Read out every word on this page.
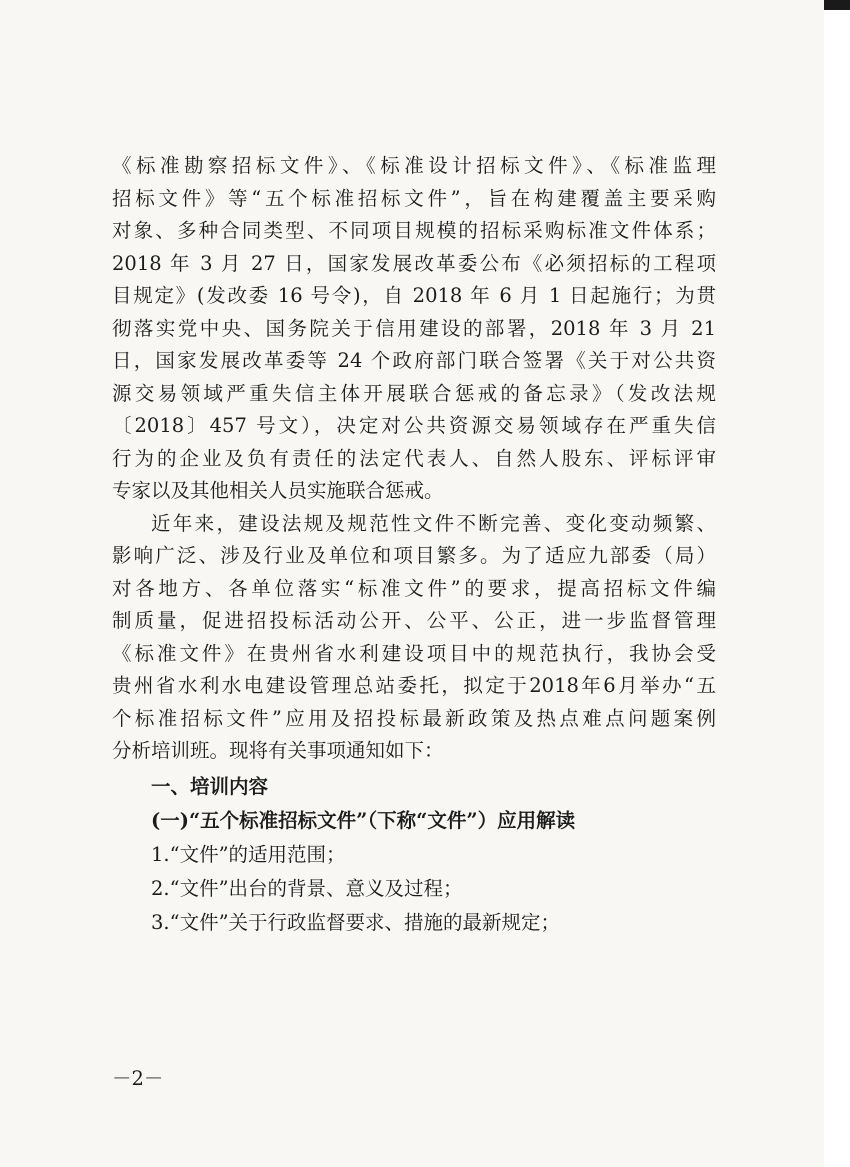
《标准勘察招标文件》、《标准设计招标文件》、《标准监理
招标文件》等“五个标准招标文件”，旨在构建覆盖主要采购
对象、多种合同类型、不同项目规模的招标采购标准文件体系；
2018 年 3 月 27 日，国家发展改革委公布《必须招标的工程项
目规定》(发改委 16 号令)，自 2018 年 6 月 1 日起施行；为贯
彻落实党中央、国务院关于信用建设的部署，2018 年 3 月 21
日，国家发展改革委等 24 个政府部门联合签署《关于对公共资
源交易领域严重失信主体开展联合惩戒的备忘录》（发改法规
〔2018〕457 号文），决定对公共资源交易领域存在严重失信
行为的企业及负有责任的法定代表人、自然人股东、评标评审
专家以及其他相关人员实施联合惩戒。
近年来，建设法规及规范性文件不断完善、变化变动频繁、
影响广泛、涉及行业及单位和项目繁多。为了适应九部委（局）
对各地方、各单位落实“标准文件”的要求，提高招标文件编
制质量，促进招投标活动公开、公平、公正，进一步监督管理
《标准文件》在贵州省水利建设项目中的规范执行，我协会受
贵州省水利水电建设管理总站委托，拟定于2018年6月举办“五
个标准招标文件”应用及招投标最新政策及热点难点问题案例
分析培训班。现将有关事项通知如下：
一、培训内容
(一)“五个标准招标文件”（下称“文件”）应用解读
1.“文件”的适用范围；
2.“文件”出台的背景、意义及过程；
3.“文件”关于行政监督要求、措施的最新规定；
－2－
